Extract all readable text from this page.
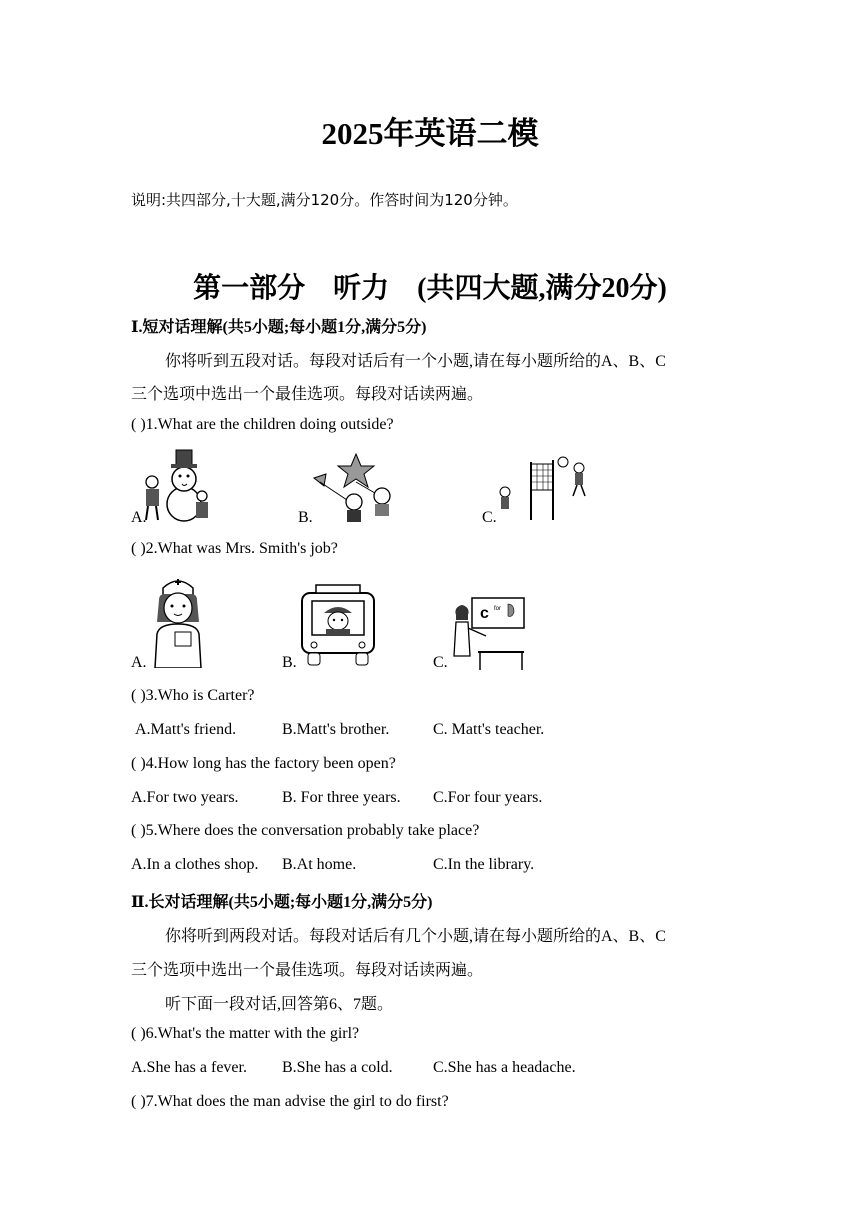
2025年英语二模
说明:共四部分,十大题,满分120分。作答时间为120分钟。
第一部分　听力　(共四大题,满分20分)
Ⅰ.短对话理解(共5小题;每小题1分,满分5分)
你将听到五段对话。每段对话后有一个小题,请在每小题所给的A、B、C
三个选项中选出一个最佳选项。每段对话读两遍。
( )1.What are the children doing outside?
A.	B.	C.
( )2.What was Mrs. Smith's job?
A.	B.
c for
C.
( )3.Who is Carter?
A.Matt's friend.	B.Matt's brother.	C. Matt's teacher.
( )4.How long has the factory been open?
A.For two years.	B. For three years. C.For four years.
( )5.Where does the conversation probably take place?
A.In a clothes shop. B.At home.	C.In the library.
Ⅱ.长对话理解(共5小题;每小题1分,满分5分)
你将听到两段对话。每段对话后有几个小题,请在每小题所给的A、B、C
三个选项中选出一个最佳选项。每段对话读两遍。
听下面一段对话,回答第6、7题。
( )6.What's the matter with the girl?
A.She has a fever. B.She has a cold.	C.She has a headache.
( )7.What does the man advise the girl to do first?
